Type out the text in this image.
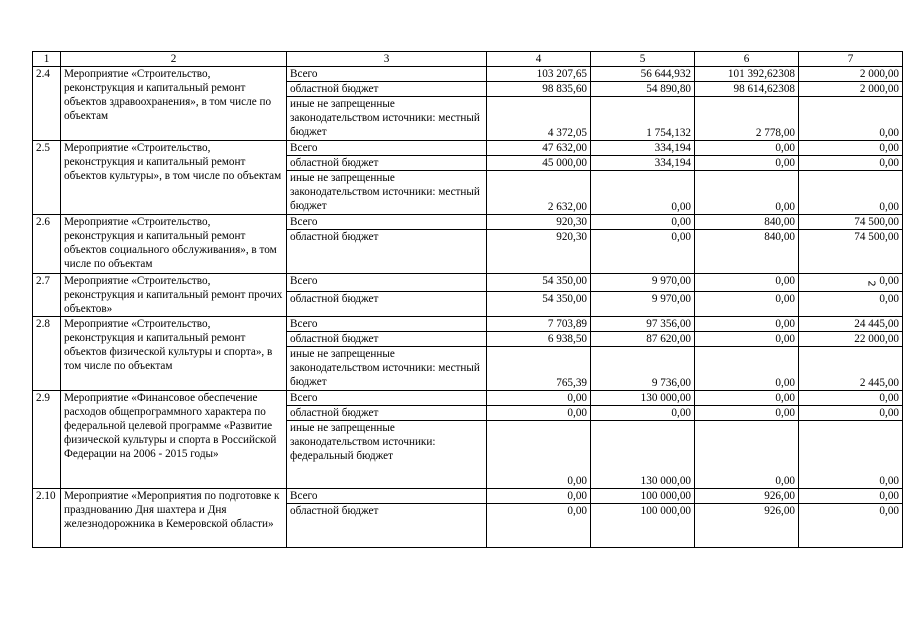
1	2	3	4	5	6	7
2.4	Мероприятие «Строительство, реконструкция и капитальный ремонт объектов здравоохранения», в том числе по объектам	Всего	103 207,65	56 644,932	101 392,62308	2 000,00
		областной бюджет	98 835,60	54 890,80	98 614,62308	2 000,00
		иные не запрещенные законодательством источники: местный бюджет	4 372,05	1 754,132	2 778,00	0,00
2.5	Мероприятие «Строительство, реконструкция и капитальный ремонт объектов культуры», в том числе по объектам	Всего	47 632,00	334,194	0,00	0,00
		областной бюджет	45 000,00	334,194	0,00	0,00
		иные не запрещенные законодательством источники: местный бюджет	2 632,00	0,00	0,00	0,00
2.6	Мероприятие «Строительство, реконструкция и капитальный ремонт объектов социального обслуживания», в том числе по объектам	Всего	920,30	0,00	840,00	74 500,00
		областной бюджет	920,30	0,00	840,00	74 500,00
2.7	Мероприятие «Строительство, реконструкция и капитальный ремонт прочих объектов»	Всего	54 350,00	9 970,00	0,00	0,00
		областной бюджет	54 350,00	9 970,00	0,00	0,00
2.8	Мероприятие «Строительство, реконструкция и капитальный ремонт объектов физической культуры и спорта», в том числе по объектам	Всего	7 703,89	97 356,00	0,00	24 445,00
		областной бюджет	6 938,50	87 620,00	0,00	22 000,00
		иные не запрещенные законодательством источники: местный бюджет	765,39	9 736,00	0,00	2 445,00
2.9	Мероприятие «Финансовое обеспечение расходов общепрограммного характера по федеральной целевой программе «Развитие физической культуры и спорта в Российской Федерации на 2006 - 2015 годы»	Всего	0,00	130 000,00	0,00	0,00
		областной бюджет	0,00	0,00	0,00	0,00
		иные не запрещенные законодательством источники: федеральный бюджет	0,00	130 000,00	0,00	0,00
2.10	Мероприятие «Мероприятия по подготовке к празднованию Дня шахтера и Дня железнодорожника в Кемеровской области»	Всего	0,00	100 000,00	926,00	0,00
		областной бюджет	0,00	100 000,00	926,00	0,00
2
